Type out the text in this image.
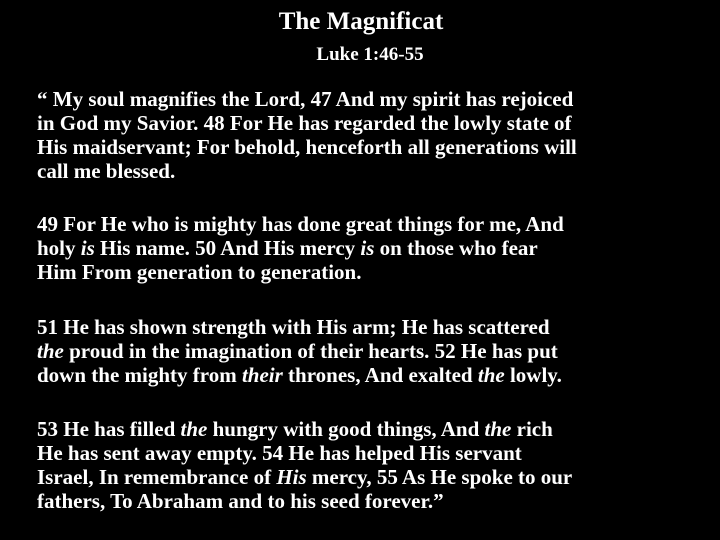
The Magnificat
Luke 1:46-55

“ My soul magnifies the Lord, 47 And my spirit has rejoiced
in God my Savior. 48 For He has regarded the lowly state of
His maidservant; For behold, henceforth all generations will
call me blessed.

49 For He who is mighty has done great things for me, And
holy is His name. 50 And His mercy is on those who fear
Him From generation to generation.

51 He has shown strength with His arm; He has scattered
the proud in the imagination of their hearts. 52 He has put
down the mighty from their thrones, And exalted the lowly.

53 He has filled the hungry with good things, And the rich
He has sent away empty. 54 He has helped His servant
Israel, In remembrance of His mercy, 55 As He spoke to our
fathers, To Abraham and to his seed forever.”
